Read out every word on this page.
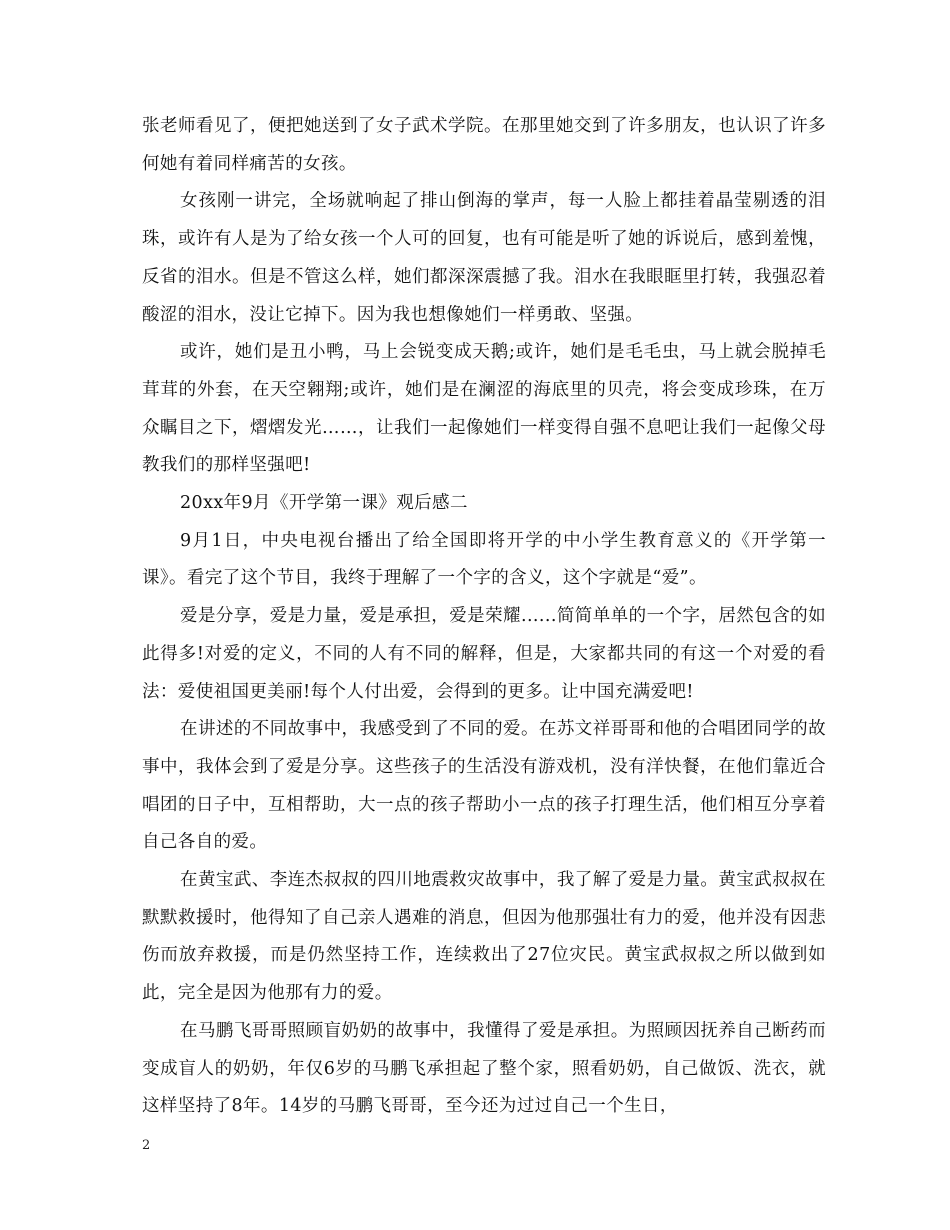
张老师看见了，便把她送到了女子武术学院。在那里她交到了许多朋友，也认识了许多何她有着同样痛苦的女孩。

女孩刚一讲完，全场就响起了排山倒海的掌声，每一人脸上都挂着晶莹剔透的泪珠，或许有人是为了给女孩一个人可的回复，也有可能是听了她的诉说后，感到羞愧，反省的泪水。但是不管这么样，她们都深深震撼了我。泪水在我眼眶里打转，我强忍着酸涩的泪水，没让它掉下。因为我也想像她们一样勇敢、坚强。

或许，她们是丑小鸭，马上会锐变成天鹅;或许，她们是毛毛虫，马上就会脱掉毛茸茸的外套，在天空翱翔;或许，她们是在澜涩的海底里的贝壳，将会变成珍珠，在万众瞩目之下，熠熠发光……，让我们一起像她们一样变得自强不息吧让我们一起像父母教我们的那样坚强吧!

20xx年9月《开学第一课》观后感二

9月1日，中央电视台播出了给全国即将开学的中小学生教育意义的《开学第一课》。看完了这个节目，我终于理解了一个字的含义，这个字就是“爱”。

爱是分享，爱是力量，爱是承担，爱是荣耀......简简单单的一个字，居然包含的如此得多!对爱的定义，不同的人有不同的解释，但是，大家都共同的有这一个对爱的看法：爱使祖国更美丽!每个人付出爱，会得到的更多。让中国充满爱吧!

在讲述的不同故事中，我感受到了不同的爱。在苏文祥哥哥和他的合唱团同学的故事中，我体会到了爱是分享。这些孩子的生活没有游戏机，没有洋快餐，在他们靠近合唱团的日子中，互相帮助，大一点的孩子帮助小一点的孩子打理生活，他们相互分享着自己各自的爱。

在黄宝武、李连杰叔叔的四川地震救灾故事中，我了解了爱是力量。黄宝武叔叔在默默救援时，他得知了自己亲人遇难的消息，但因为他那强壮有力的爱，他并没有因悲伤而放弃救援，而是仍然坚持工作，连续救出了27位灾民。黄宝武叔叔之所以做到如此，完全是因为他那有力的爱。

在马鹏飞哥哥照顾盲奶奶的故事中，我懂得了爱是承担。为照顾因抚养自己断药而变成盲人的奶奶，年仅6岁的马鹏飞承担起了整个家，照看奶奶，自己做饭、洗衣，就这样坚持了8年。14岁的马鹏飞哥哥，至今还为过过自己一个生日，

2
